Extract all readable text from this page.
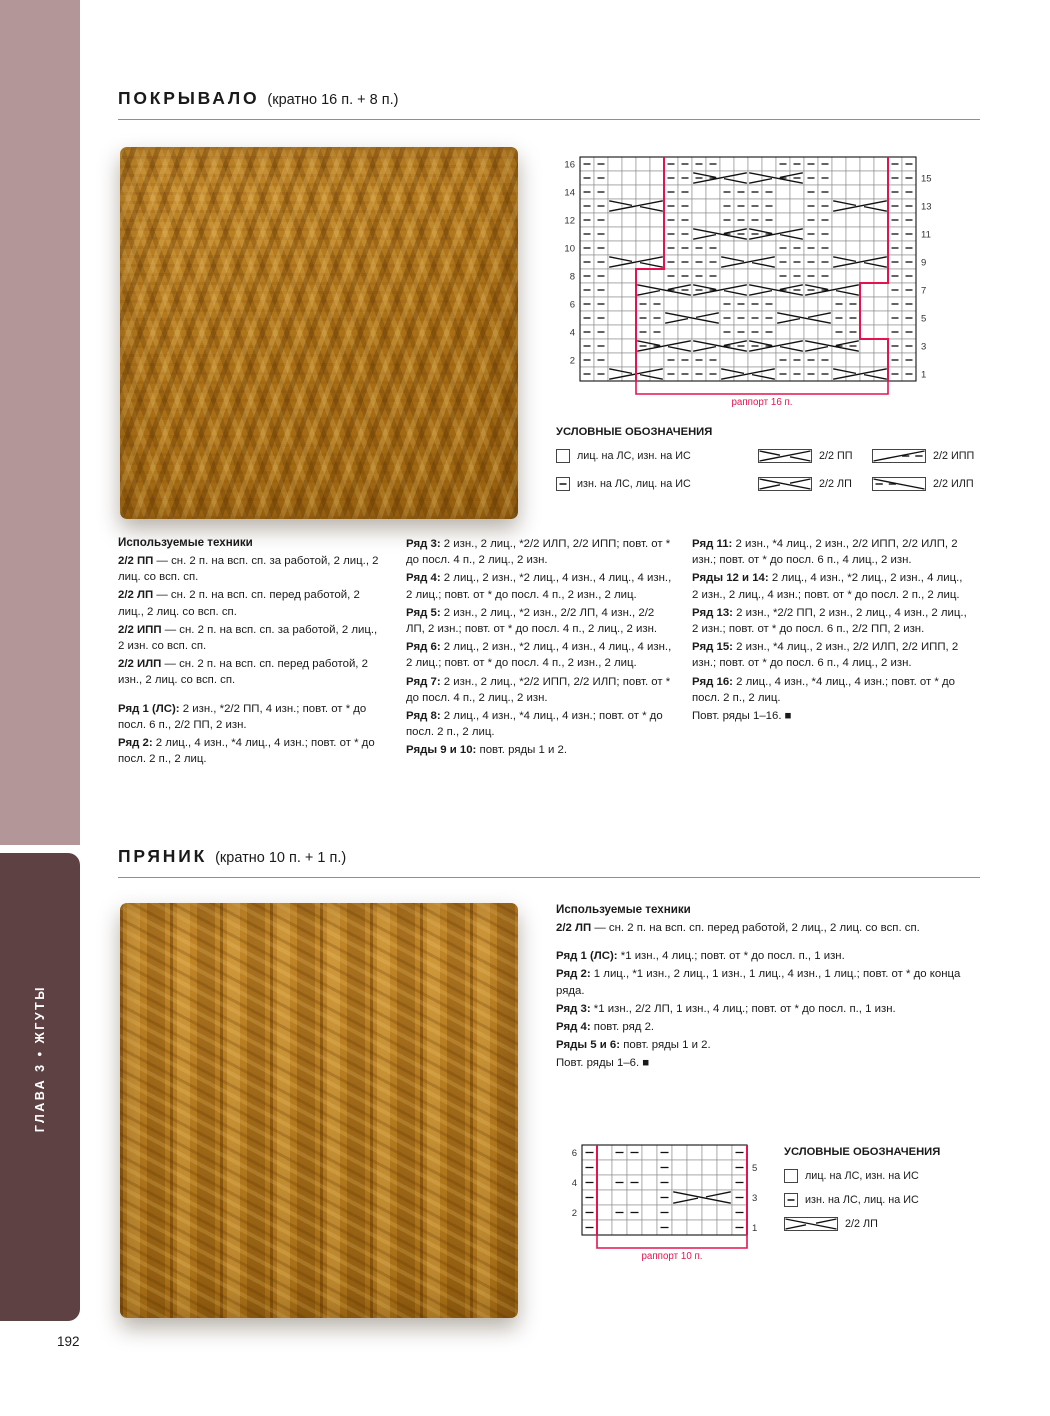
ГЛАВА 3 • ЖГУТЫ
192
ПОКРЫВАЛО (кратно 16 п. + 8 п.)
16
14
12
10
8
6
4
2
15
13
11
9
7
5
3
1
раппорт 16 п.
УСЛОВНЫЕ ОБОЗНАЧЕНИЯ
лиц. на ЛС, изн. на ИС	2/2 ПП	2/2 ИПП
изн. на ЛС, лиц. на ИС	2/2 ЛП	2/2 ИЛП

Используемые техники

2/2 ПП — сн. 2 п. на всп. сп. за работой, 2 лиц., 2 лиц. со всп. сп.

2/2 ЛП — сн. 2 п. на всп. сп. перед работой, 2 лиц., 2 лиц. со всп. сп.

2/2 ИПП — сн. 2 п. на всп. сп. за работой, 2 лиц., 2 изн. со всп. сп.

2/2 ИЛП — сн. 2 п. на всп. сп. перед работой, 2 изн., 2 лиц. со всп. сп.

Ряд 1 (ЛС): 2 изн., *2/2 ПП, 4 изн.; повт. от * до посл. 6 п., 2/2 ПП, 2 изн.

Ряд 2: 2 лиц., 4 изн., *4 лиц., 4 изн.; повт. от * до посл. 2 п., 2 лиц.

Ряд 3: 2 изн., 2 лиц., *2/2 ИЛП, 2/2 ИПП; повт. от * до посл. 4 п., 2 лиц., 2 изн.

Ряд 4: 2 лиц., 2 изн., *2 лиц., 4 изн., 4 лиц., 4 изн., 2 лиц.; повт. от * до посл. 4 п., 2 изн., 2 лиц.

Ряд 5: 2 изн., 2 лиц., *2 изн., 2/2 ЛП, 4 изн., 2/2 ЛП, 2 изн.; повт. от * до посл. 4 п., 2 лиц., 2 изн.

Ряд 6: 2 лиц., 2 изн., *2 лиц., 4 изн., 4 лиц., 4 изн., 2 лиц.; повт. от * до посл. 4 п., 2 изн., 2 лиц.

Ряд 7: 2 изн., 2 лиц., *2/2 ИПП, 2/2 ИЛП; повт. от * до посл. 4 п., 2 лиц., 2 изн.

Ряд 8: 2 лиц., 4 изн., *4 лиц., 4 изн.; повт. от * до посл. 2 п., 2 лиц.

Ряды 9 и 10: повт. ряды 1 и 2.

Ряд 11: 2 изн., *4 лиц., 2 изн., 2/2 ИПП, 2/2 ИЛП, 2 изн.; повт. от * до посл. 6 п., 4 лиц., 2 изн.

Ряды 12 и 14: 2 лиц., 4 изн., *2 лиц., 2 изн., 4 лиц., 2 изн., 2 лиц., 4 изн.; повт. от * до посл. 2 п., 2 лиц.

Ряд 13: 2 изн., *2/2 ПП, 2 изн., 2 лиц., 4 изн., 2 лиц., 2 изн.; повт. от * до посл. 6 п., 2/2 ПП, 2 изн.

Ряд 15: 2 изн., *4 лиц., 2 изн., 2/2 ИЛП, 2/2 ИПП, 2 изн.; повт. от * до посл. 6 п., 4 лиц., 2 изн.

Ряд 16: 2 лиц., 4 изн., *4 лиц., 4 изн.; повт. от * до посл. 2 п., 2 лиц.

Повт. ряды 1–16. ■

ПРЯНИК (кратно 10 п. + 1 п.)

Используемые техники

2/2 ЛП — сн. 2 п. на всп. сп. перед работой, 2 лиц., 2 лиц. со всп. сп.

Ряд 1 (ЛС): *1 изн., 4 лиц.; повт. от * до посл. п., 1 изн.

Ряд 2: 1 лиц., *1 изн., 2 лиц., 1 изн., 1 лиц., 4 изн., 1 лиц.; повт. от * до конца ряда.

Ряд 3: *1 изн., 2/2 ЛП, 1 изн., 4 лиц.; повт. от * до посл. п., 1 изн.

Ряд 4: повт. ряд 2.

Ряды 5 и 6: повт. ряды 1 и 2.

Повт. ряды 1–6. ■

6
4
2
5
3
1
раппорт 10 п.
УСЛОВНЫЕ ОБОЗНАЧЕНИЯ
лиц. на ЛС, изн. на ИС
изн. на ЛС, лиц. на ИС
2/2 ЛП
